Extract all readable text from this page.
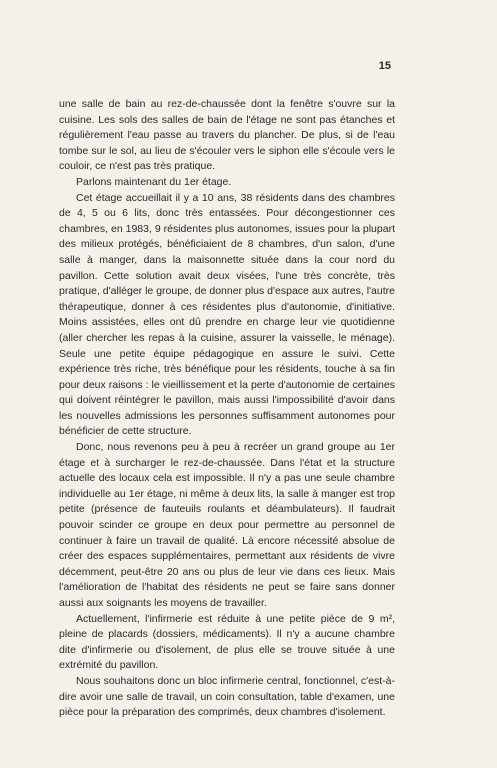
15

une salle de bain au rez-de-chaussée dont la fenêtre s'ouvre sur la cuisine. Les sols des salles de bain de l'étage ne sont pas étanches et régulièrement l'eau passe au travers du plancher. De plus, si de l'eau tombe sur le sol, au lieu de s'écouler vers le siphon elle s'écoule vers le couloir, ce n'est pas très pratique.

Parlons maintenant du 1er étage.

Cet étage accueillait il y a 10 ans, 38 résidents dans des chambres de 4, 5 ou 6 lits, donc très entassées. Pour décongestionner ces chambres, en 1983, 9 résidentes plus autonomes, issues pour la plupart des milieux protégés, bénéficiaient de 8 chambres, d'un salon, d'une salle à manger, dans la maisonnette située dans la cour nord du pavillon. Cette solution avait deux visées, l'une très concrète, très pratique, d'alléger le groupe, de donner plus d'espace aux autres, l'autre thérapeutique, donner à ces résidentes plus d'autonomie, d'initiative. Moins assistées, elles ont dû prendre en charge leur vie quotidienne (aller chercher les repas à la cuisine, assurer la vaisselle, le ménage). Seule une petite équipe pédagogique en assure le suivi. Cette expérience très riche, très bénéfique pour les résidents, touche à sa fin pour deux raisons : le vieillissement et la perte d'autonomie de certaines qui doivent réintégrer le pavillon, mais aussi l'impossibilité d'avoir dans les nouvelles admissions les personnes suffisamment autonomes pour bénéficier de cette structure.

Donc, nous revenons peu à peu à recréer un grand groupe au 1er étage et à surcharger le rez-de-chaussée. Dans l'état et la structure actuelle des locaux cela est impossible. Il n'y a pas une seule chambre individuelle au 1er étage, ni même à deux lits, la salle à manger est trop petite (présence de fauteuils roulants et déambulateurs). Il faudrait pouvoir scinder ce groupe en deux pour permettre au personnel de continuer à faire un travail de qualité. Là encore nécessité absolue de créer des espaces supplémentaires, permettant aux résidents de vivre décemment, peut-être 20 ans ou plus de leur vie dans ces lieux. Mais l'amélioration de l'habitat des résidents ne peut se faire sans donner aussi aux soignants les moyens de travailler.

Actuellement, l'infirmerie est réduite à une petite pièce de 9 m², pleine de placards (dossiers, médicaments). Il n'y a aucune chambre dite d'infirmerie ou d'isolement, de plus elle se trouve située à une extrémité du pavillon.

Nous souhaitons donc un bloc infirmerie central, fonctionnel, c'est-à-dire avoir une salle de travail, un coin consultation, table d'examen, une pièce pour la préparation des comprimés, deux chambres d'isolement.
